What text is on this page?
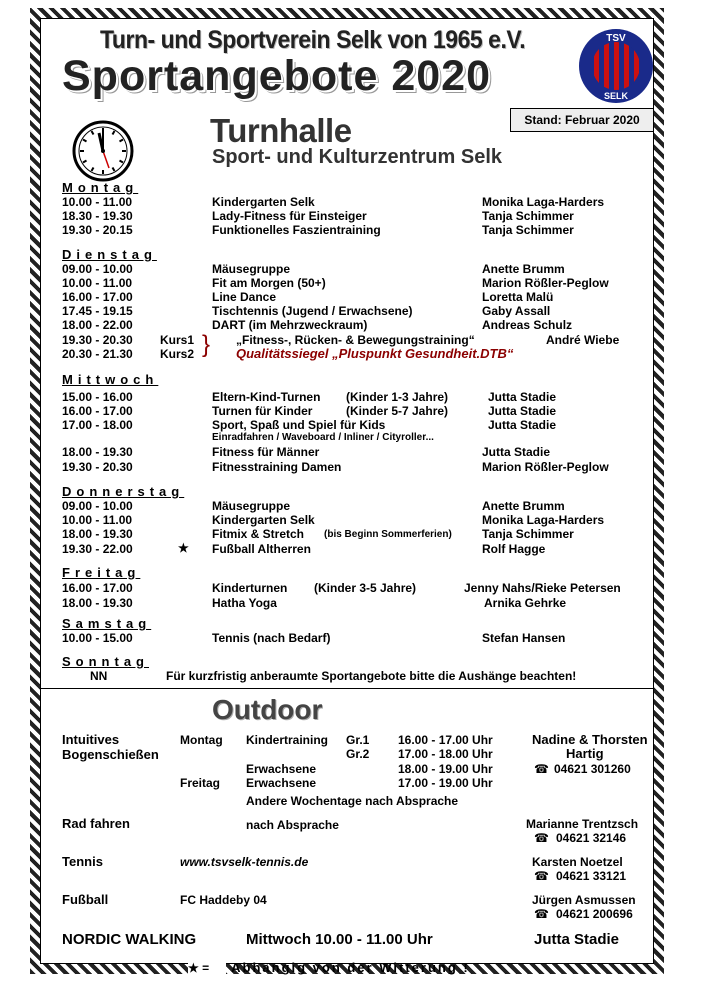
Turn- und Sportverein Selk von 1965 e.V.
Sportangebote 2020
TSV
SELK
Stand: Februar 2020
Turnhalle
Sport- und Kulturzentrum Selk
Montag
10.00 - 11.00	Kindergarten Selk	Monika Laga-Harders
18.30 - 19.30	Lady-Fitness für Einsteiger	Tanja Schimmer
19.30 - 20.15	Funktionelles Faszientraining	Tanja Schimmer
Dienstag
09.00 - 10.00	Mäusegruppe	Anette Brumm
10.00 - 11.00	Fit am Morgen (50+)	Marion Rößler-Peglow
16.00 - 17.00	Line Dance	Loretta Malü
17.45 - 19.15	Tischtennis (Jugend / Erwachsene)	Gaby Assall
18.00 - 22.00	DART (im Mehrzweckraum)	Andreas Schulz
19.30 - 20.30 Kurs1 } „Fitness-, Rücken- & Bewegungstraining“	André Wiebe
20.30 - 21.30 Kurs2	Qualitätssiegel „Pluspunkt Gesundheit.DTB“
Mittwoch
15.00 - 16.00	Eltern-Kind-Turnen (Kinder 1-3 Jahre)	Jutta Stadie
16.00 - 17.00	Turnen für Kinder	(Kinder 5-7 Jahre)	Jutta Stadie
17.00 - 18.00	Sport, Spaß und Spiel für Kids	Jutta Stadie
Einradfahren / Waveboard / Inliner / Cityroller...
18.00 - 19.30	Fitness für Männer	Jutta Stadie
19.30 - 20.30	Fitnesstraining Damen	Marion Rößler-Peglow
Donnerstag
09.00 - 10.00	Mäusegruppe	Anette Brumm
10.00 - 11.00	Kindergarten Selk	Monika Laga-Harders
18.00 - 19.30	Fitmix & Stretch (bis Beginn Sommerferien)	Tanja Schimmer
19.30 - 22.00	★ Fußball Altherren	Rolf Hagge
Freitag
16.00 - 17.00	Kinderturnen (Kinder 3-5 Jahre)	Jenny Nahs/Rieke Petersen
18.00 - 19.30	Hatha Yoga	Arnika Gehrke
Samstag
10.00 - 15.00	Tennis (nach Bedarf)	Stefan Hansen
Sonntag
NN	Für kurzfristig anberaumte Sportangebote bitte die Aushänge beachten!
Outdoor
Intuitives
Bogenschießen
Montag Kindertraining Gr.1 16.00 - 17.00 Uhr	Nadine & Thorsten
Gr.2 17.00 - 18.00 Uhr	Hartig
Erwachsene	18.00 - 19.00 Uhr	☎ 04621 301260
Freitag Erwachsene	17.00 - 19.00 Uhr
Andere Wochentage nach Absprache
Rad fahren	nach Absprache	Marianne Trentzsch
☎ 04621 32146
Tennis	www.tsvselk-tennis.de	Karsten Noetzel
☎ 04621 33121
Fußball	FC Haddeby 04	Jürgen Asmussen
☎ 04621 200696
NORDIC WALKING	Mittwoch 10.00 - 11.00 Uhr	Jutta Stadie
★ = Abhängig von der Witterung !
